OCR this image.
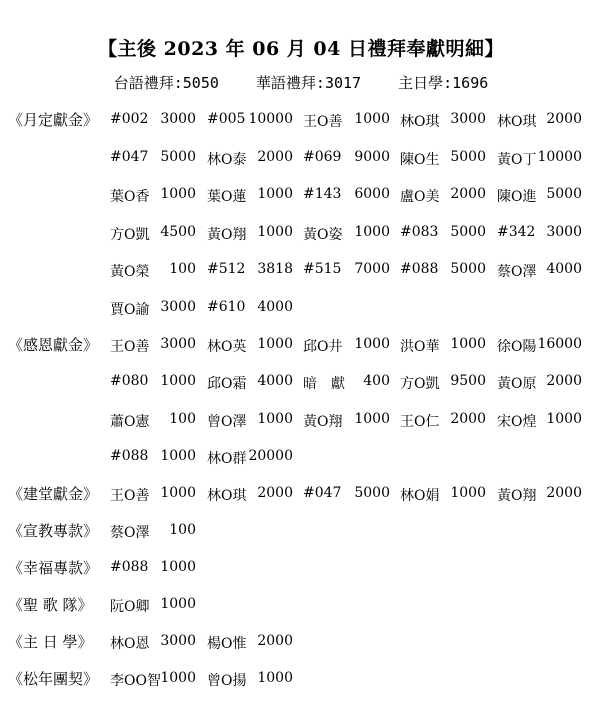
【主後 2023 年 06 月 04 日禮拜奉獻明細】
台語禮拜:5050 華語禮拜:3017 主日學:1696
《月定獻金》 #002 3000 #005 10000 王O善 1000 林O琪 3000 林O琪 2000
#047 5000 林O泰 2000 #069 9000 陳O生 5000 黃O丁 10000
葉O香 1000 葉O蓮 1000 #143 6000 盧O美 2000 陳O進 5000
方O凱 4500 黃O翔 1000 黃O姿 1000 #083 5000 #342 3000
黃O榮 100 #512 3818 #515 7000 #088 5000 蔡O澤 4000
賈O諭 3000 #610 4000
《感恩獻金》 王O善 3000 林O英 1000 邱O井 1000 洪O華 1000 徐O陽 16000
#080 1000 邱O霜 4000 暗　獻 400 方O凱 9500 黃O原 2000
蕭O憲 100 曾O澤 1000 黃O翔 1000 王O仁 2000 宋O煌 1000
#088 1000 林O群 20000
《建堂獻金》 王O善 1000 林O琪 2000 #047 5000 林O娟 1000 黃O翔 2000
《宣教專款》 蔡O澤 100
《幸福專款》 #088 1000
《聖 歌 隊》 阮O卿 1000
《主 日 學》 林O恩 3000 楊O惟 2000
《松年團契》 李OO智 1000 曾O揚 1000
